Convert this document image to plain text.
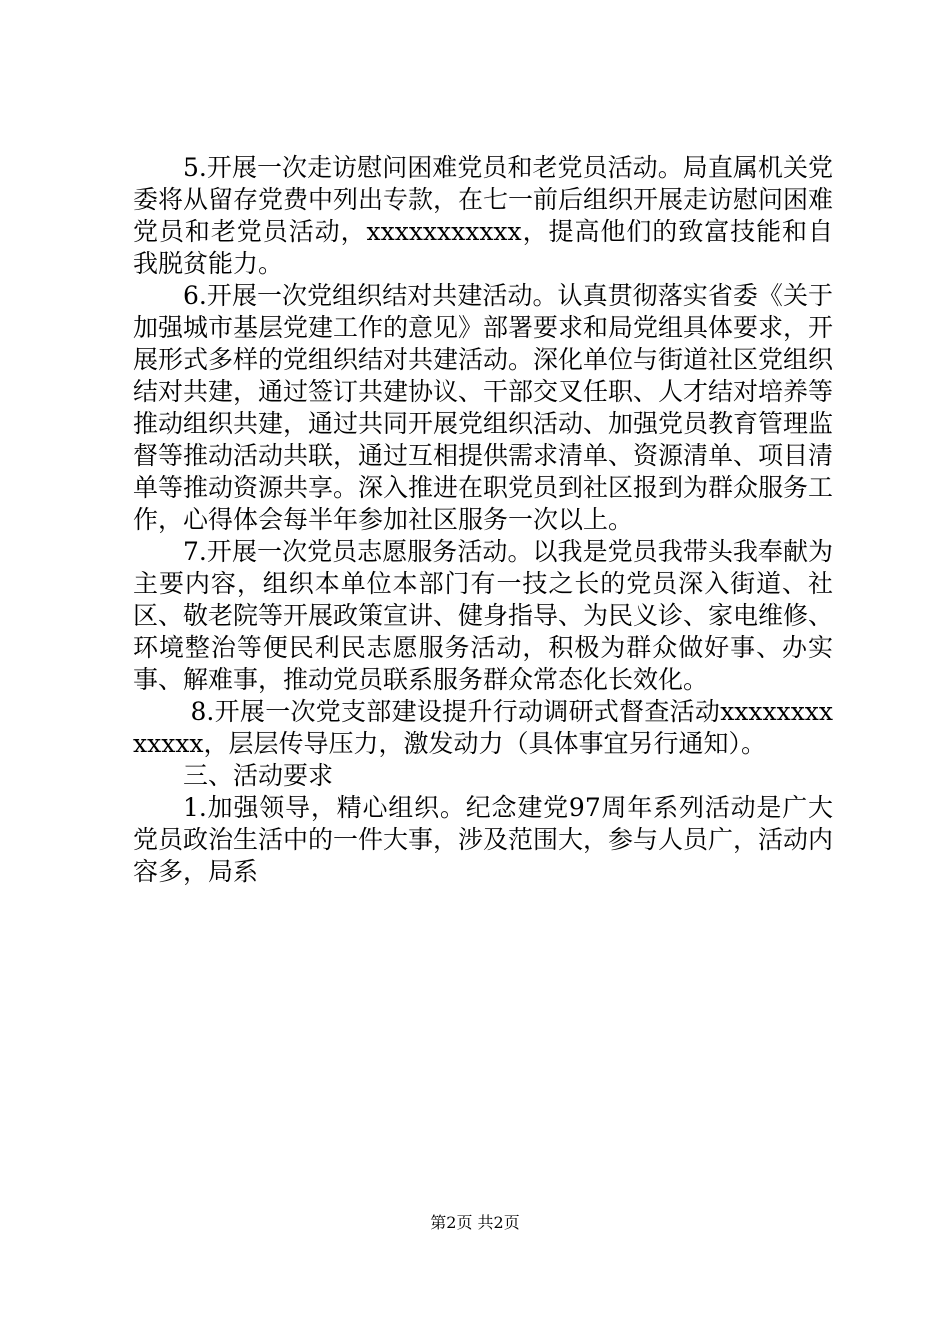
5.开展一次走访慰问困难党员和老党员活动。局直属机关党委将从留存党费中列出专款，在七一前后组织开展走访慰问困难党员和老党员活动，xxxxxxxxxxx，提高他们的致富技能和自我脱贫能力。

6.开展一次党组织结对共建活动。认真贯彻落实省委《关于加强城市基层党建工作的意见》部署要求和局党组具体要求，开展形式多样的党组织结对共建活动。深化单位与街道社区党组织结对共建，通过签订共建协议、干部交叉任职、人才结对培养等推动组织共建，通过共同开展党组织活动、加强党员教育管理监督等推动活动共联，通过互相提供需求清单、资源清单、项目清单等推动资源共享。深入推进在职党员到社区报到为群众服务工作，心得体会每半年参加社区服务一次以上。

7.开展一次党员志愿服务活动。以我是党员我带头我奉献为主要内容，组织本单位本部门有一技之长的党员深入街道、社区、敬老院等开展政策宣讲、健身指导、为民义诊、家电维修、环境整治等便民利民志愿服务活动，积极为群众做好事、办实事、解难事，推动党员联系服务群众常态化长效化。

8.开展一次党支部建设提升行动调研式督查活动xxxxxxxxxxxxx，层层传导压力，激发动力（具体事宜另行通知）。

三、活动要求

1.加强领导，精心组织。纪念建党97周年系列活动是广大党员政治生活中的一件大事，涉及范围大，参与人员广，活动内容多，局系

第2页 共2页
